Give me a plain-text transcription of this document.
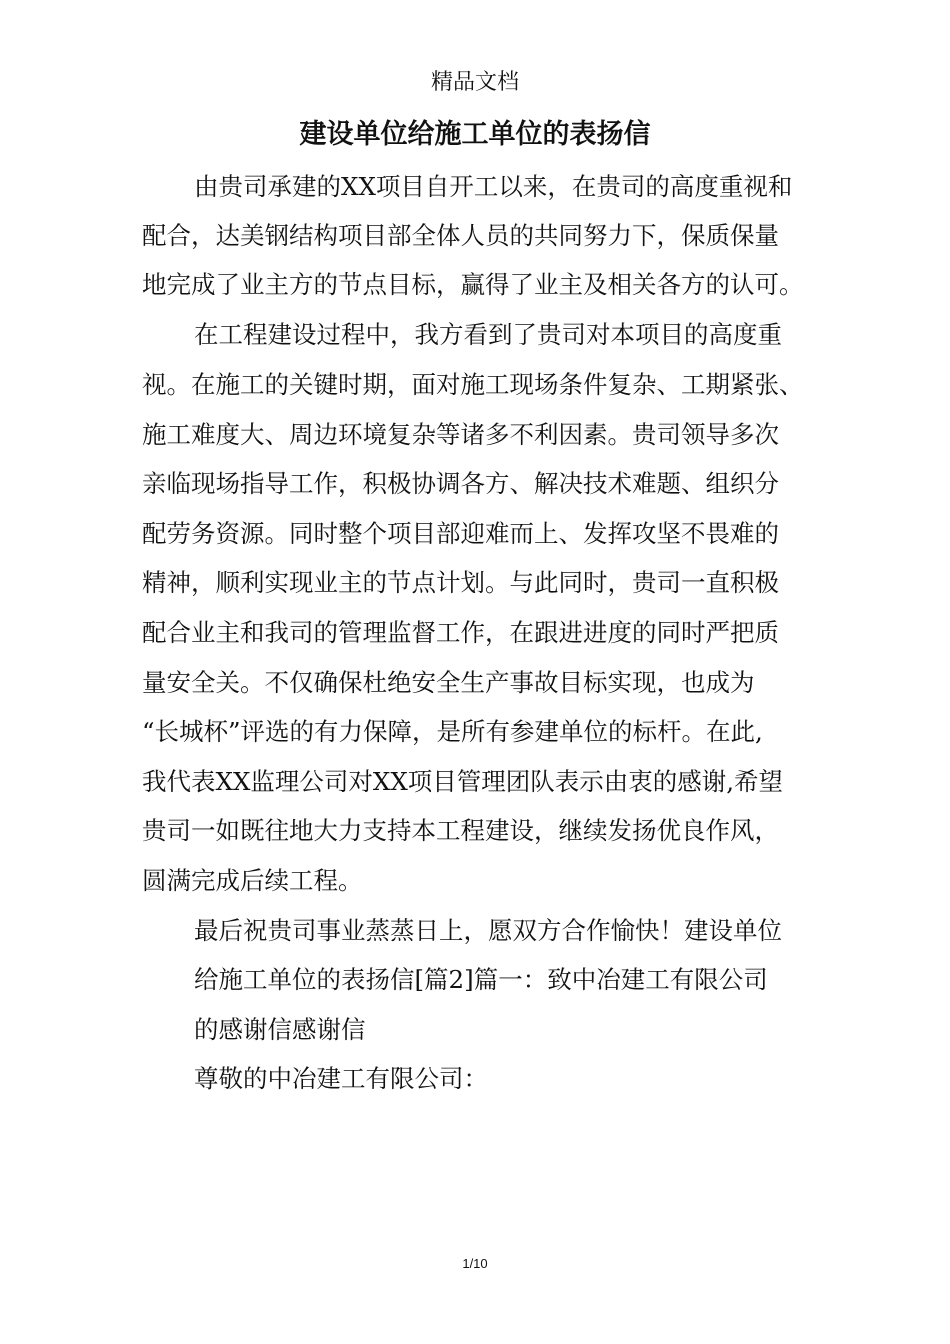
精品文档
建设单位给施工单位的表扬信
由贵司承建的XX项目自开工以来，在贵司的高度重视和
配合，达美钢结构项目部全体人员的共同努力下，保质保量
地完成了业主方的节点目标，赢得了业主及相关各方的认可。
在工程建设过程中，我方看到了贵司对本项目的高度重
视。在施工的关键时期，面对施工现场条件复杂、工期紧张、
施工难度大、周边环境复杂等诸多不利因素。贵司领导多次
亲临现场指导工作，积极协调各方、解决技术难题、组织分
配劳务资源。同时整个项目部迎难而上、发挥攻坚不畏难的
精神，顺利实现业主的节点计划。与此同时，贵司一直积极
配合业主和我司的管理监督工作，在跟进进度的同时严把质
量安全关。不仅确保杜绝安全生产事故目标实现，也成为
“长城杯”评选的有力保障，是所有参建单位的标杆。在此,
我代表XX监理公司对XX项目管理团队表示由衷的感谢,希望
贵司一如既往地大力支持本工程建设，继续发扬优良作风，
圆满完成后续工程。
最后祝贵司事业蒸蒸日上，愿双方合作愉快！建设单位
给施工单位的表扬信[篇2]篇一：致中冶建工有限公司
的感谢信感谢信
尊敬的中冶建工有限公司：
1/10
